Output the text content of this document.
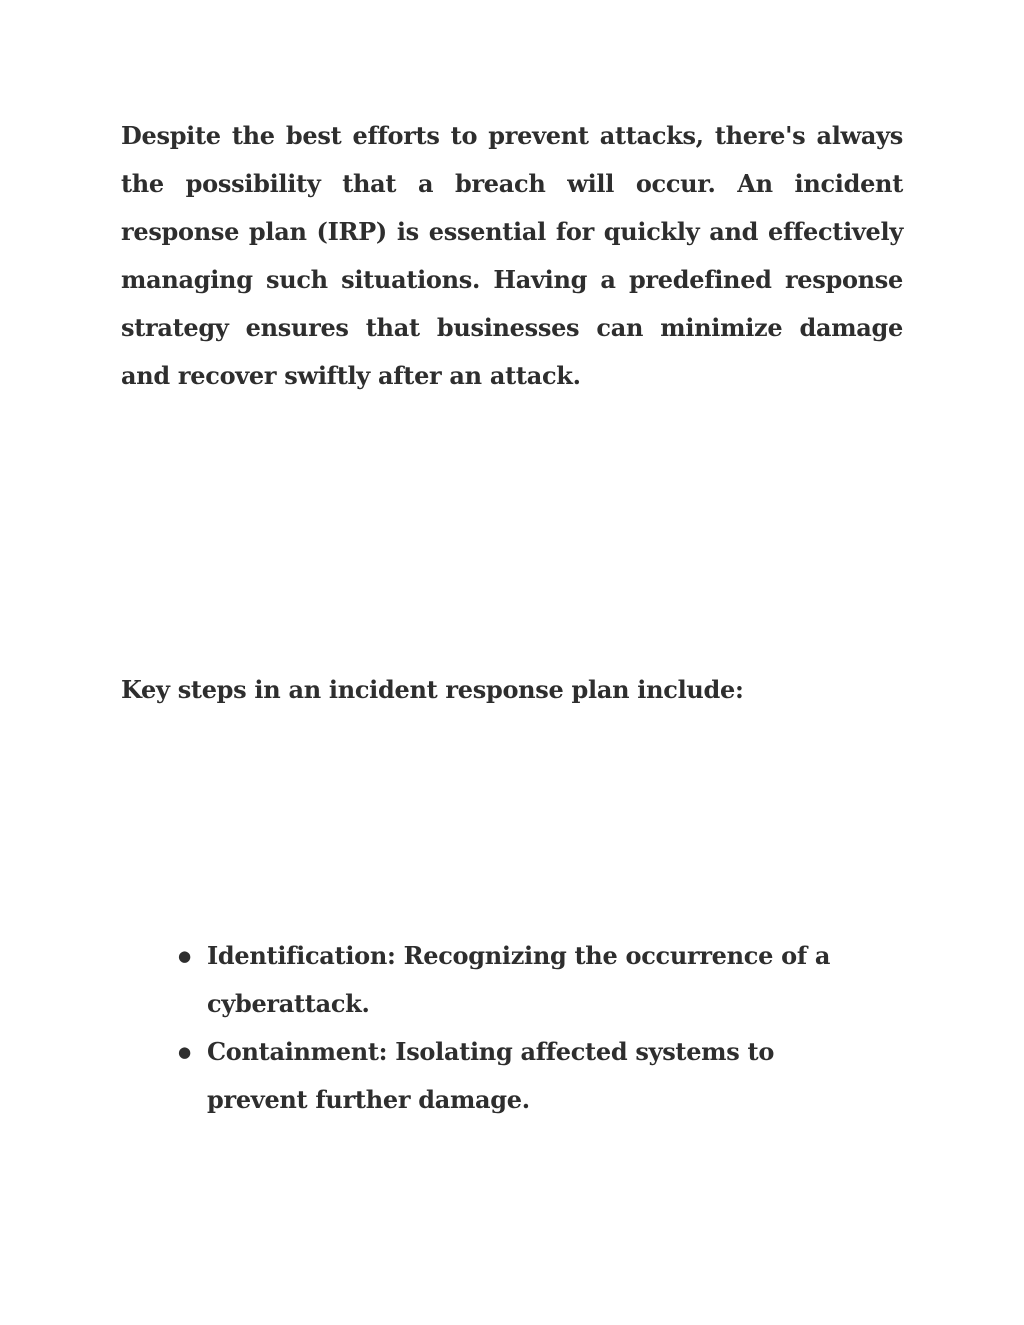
Despite the best efforts to prevent attacks, there's always the possibility that a breach will occur. An incident response plan (IRP) is essential for quickly and effectively managing such situations. Having a predefined response strategy ensures that businesses can minimize damage and recover swiftly after an attack.

Key steps in an incident response plan include:

● Identification: Recognizing the occurrence of a cyberattack.
● Containment: Isolating affected systems to prevent further damage.
